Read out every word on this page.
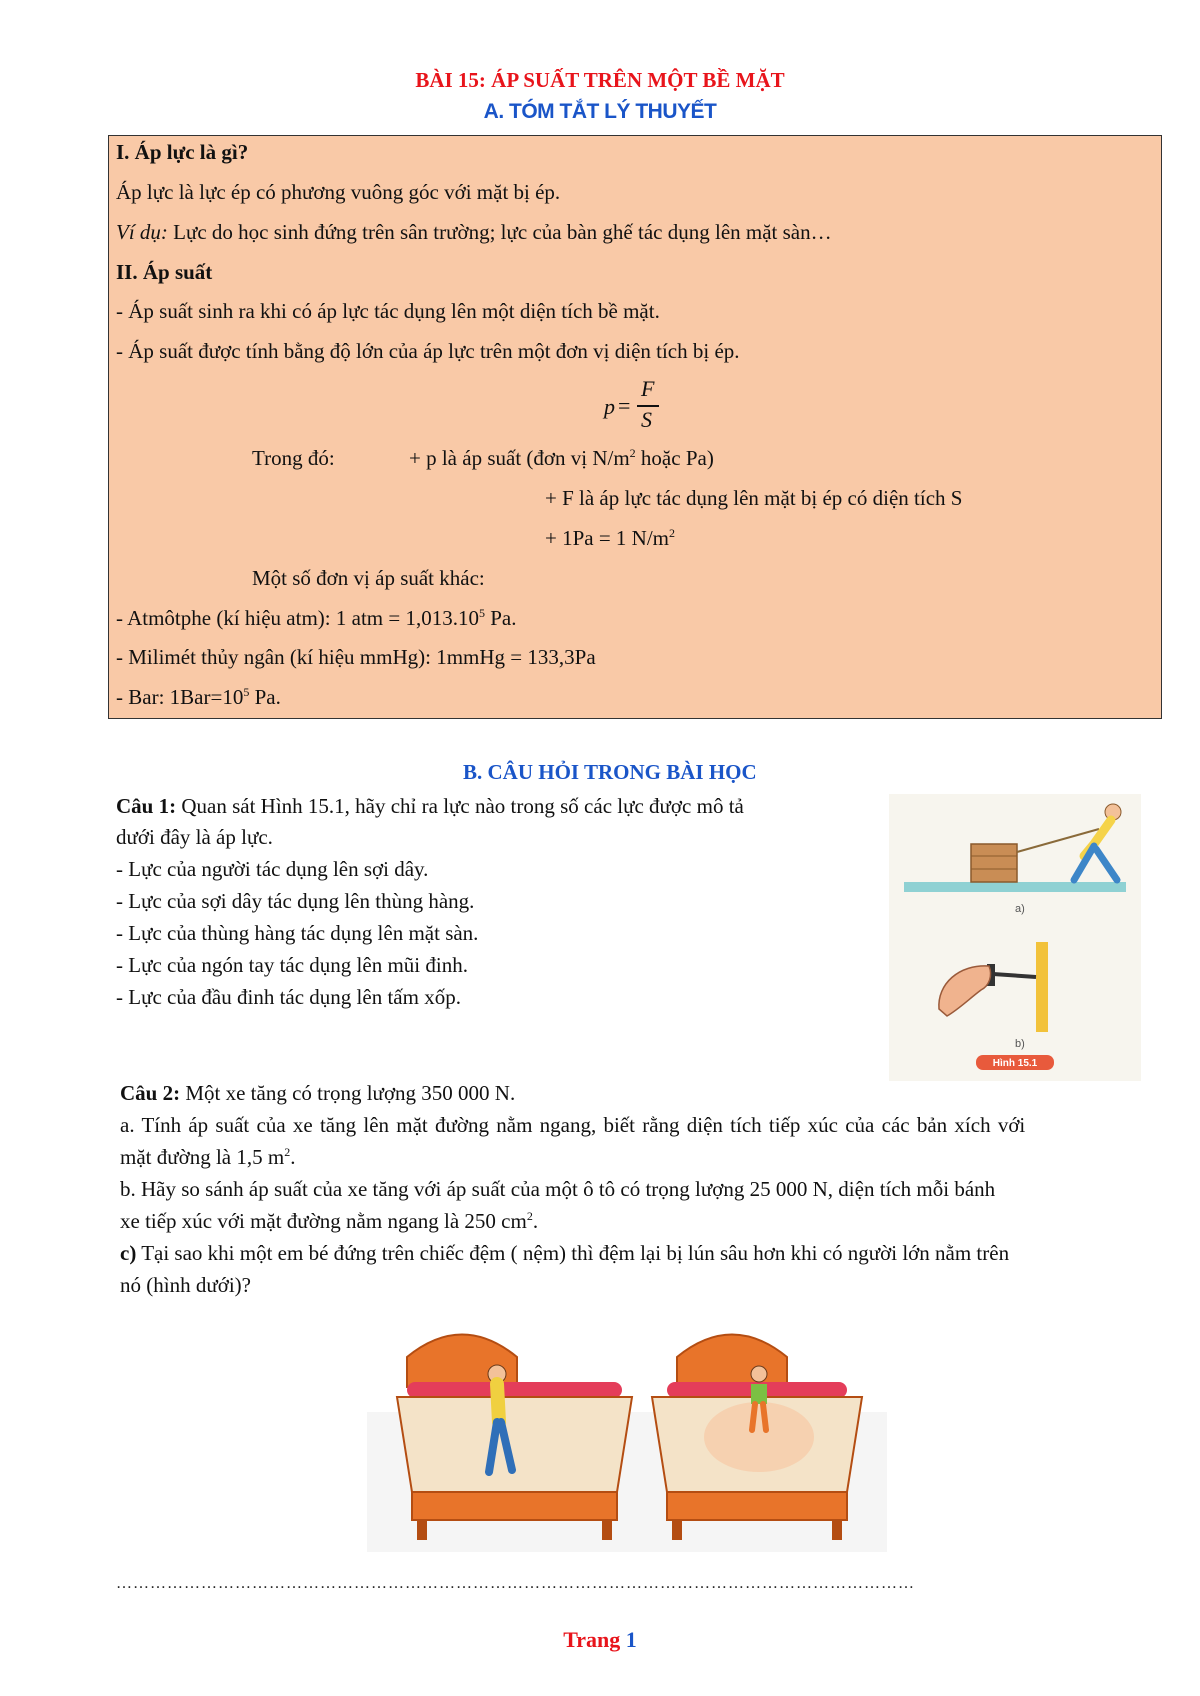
BÀI 15: ÁP SUẤT TRÊN MỘT BỀ MẶT
A. TÓM TẮT LÝ THUYẾT
I. Áp lực là gì?
Áp lực là lực ép có phương vuông góc với mặt bị ép.
Ví dụ: Lực do học sinh đứng trên sân trường; lực của bàn ghế tác dụng lên mặt sàn…
II. Áp suất
- Áp suất sinh ra khi có áp lực tác dụng lên một diện tích bề mặt.
- Áp suất được tính bằng độ lớn của áp lực trên một đơn vị diện tích bị ép.
p =
F
S
Trong đó:	+ p là áp suất (đơn vị $N/m^2$ hoặc Pa)
+ F là áp lực tác dụng lên mặt bị ép có diện tích S
+ 1Pa = 1 $N/m^2$
Một số đơn vị áp suất khác:
- Atmôtphe (kí hiệu atm): 1 atm = $1,013.10^5$ Pa.
- Milimét thủy ngân (kí hiệu mmHg): 1mmHg = 133,3Pa
- Bar: $1Bar=10^5$ Pa.
B. CÂU HỎI TRONG BÀI HỌC
Câu 1: Quan sát Hình 15.1, hãy chỉ ra lực nào trong số các lực được mô tả
dưới đây là áp lực.
- Lực của người tác dụng lên sợi dây.
- Lực của sợi dây tác dụng lên thùng hàng.
- Lực của thùng hàng tác dụng lên mặt sàn.
- Lực của ngón tay tác dụng lên mũi đinh.
- Lực của đầu đinh tác dụng lên tấm xốp.
a)
b)
Hình 15.1
Câu 2: Một xe tăng có trọng lượng 350 000 N.
a. Tính áp suất của xe tăng lên mặt đường nằm ngang, biết rằng diện tích tiếp xúc của các bản xích với
mặt đường là 1,5 $m^2$.
b. Hãy so sánh áp suất của xe tăng với áp suất của một ô tô có trọng lượng 25 000 N, diện tích mỗi bánh
xe tiếp xúc với mặt đường nằm ngang là 250 $cm^2$.
c) Tại sao khi một em bé đứng trên chiếc đệm ( nệm) thì đệm lại bị lún sâu hơn khi có người lớn nằm trên
nó (hình dưới)?
……………………………………………………………………………………………………………………………
Trang 1
